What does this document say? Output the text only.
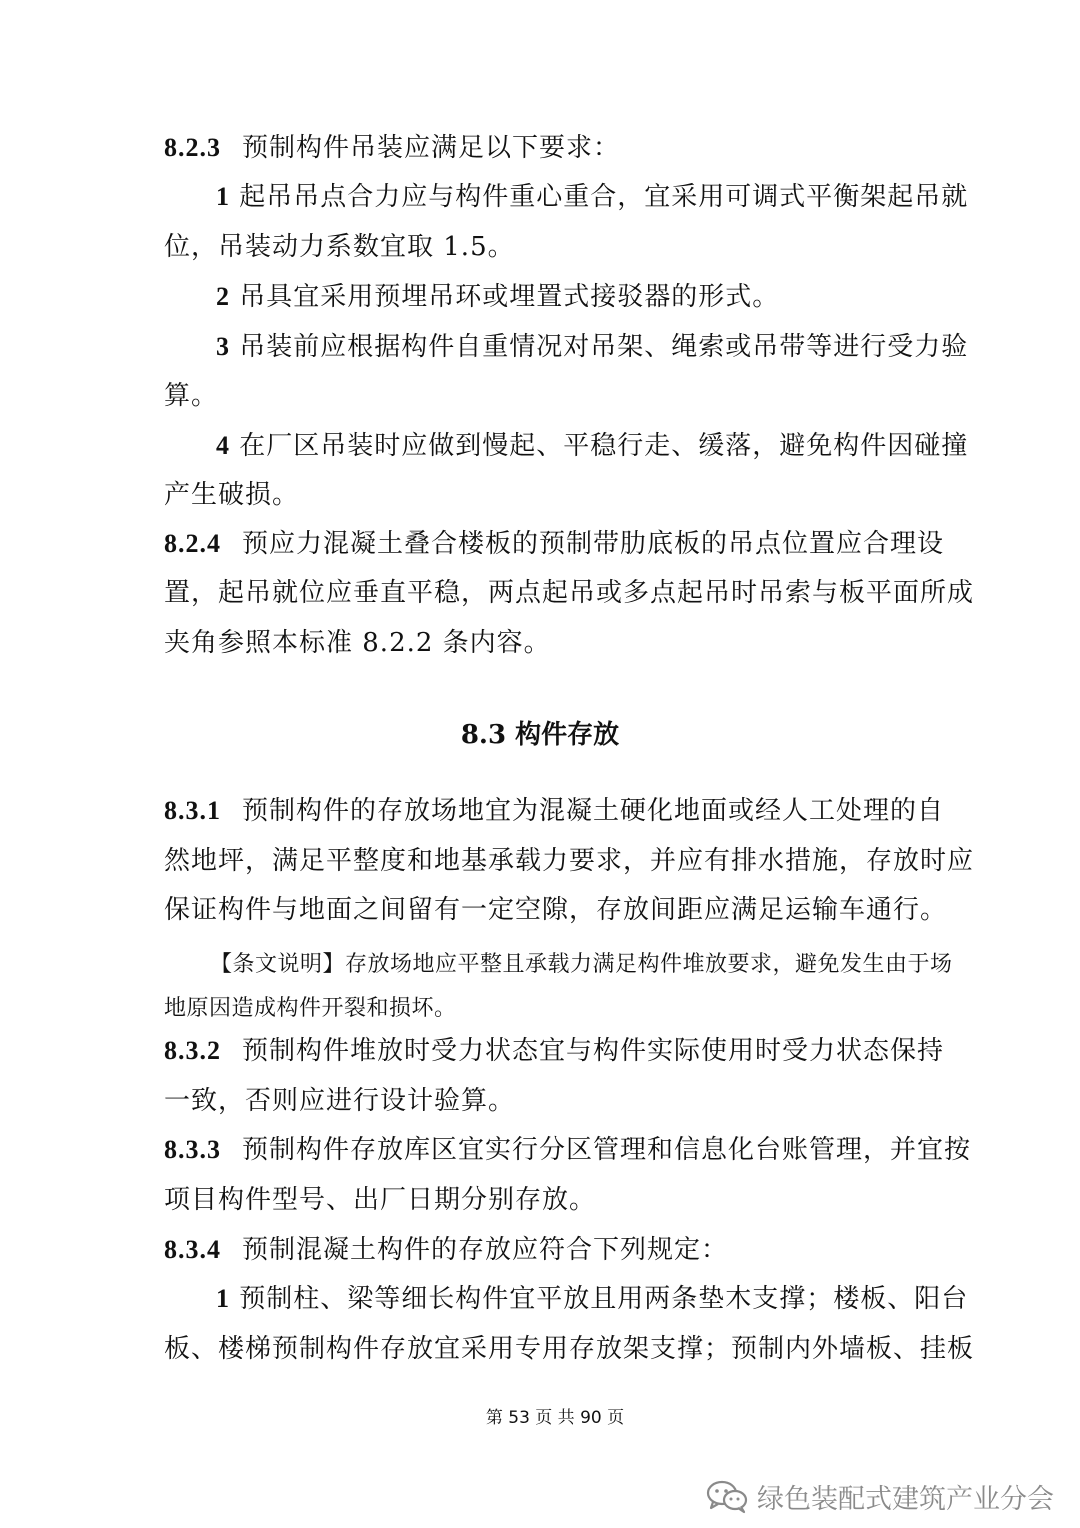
8.2.3 预制构件吊装应满足以下要求：
1 起吊吊点合力应与构件重心重合，宜采用可调式平衡架起吊就
位，吊装动力系数宜取 1.5。
2 吊具宜采用预埋吊环或埋置式接驳器的形式。
3 吊装前应根据构件自重情况对吊架、绳索或吊带等进行受力验
算。
4 在厂区吊装时应做到慢起、平稳行走、缓落，避免构件因碰撞
产生破损。
8.2.4 预应力混凝土叠合楼板的预制带肋底板的吊点位置应合理设
置，起吊就位应垂直平稳，两点起吊或多点起吊时吊索与板平面所成
夹角参照本标准 8.2.2 条内容。
8.3 构件存放
8.3.1 预制构件的存放场地宜为混凝土硬化地面或经人工处理的自
然地坪，满足平整度和地基承载力要求，并应有排水措施，存放时应
保证构件与地面之间留有一定空隙，存放间距应满足运输车通行。
【条文说明】存放场地应平整且承载力满足构件堆放要求，避免发生由于场
地原因造成构件开裂和损坏。
8.3.2 预制构件堆放时受力状态宜与构件实际使用时受力状态保持
一致，否则应进行设计验算。
8.3.3 预制构件存放库区宜实行分区管理和信息化台账管理，并宜按
项目构件型号、出厂日期分别存放。
8.3.4 预制混凝土构件的存放应符合下列规定：
1 预制柱、梁等细长构件宜平放且用两条垫木支撑；楼板、阳台
板、楼梯预制构件存放宜采用专用存放架支撑；预制内外墙板、挂板
第 53 页 共 90 页
绿色装配式建筑产业分会
